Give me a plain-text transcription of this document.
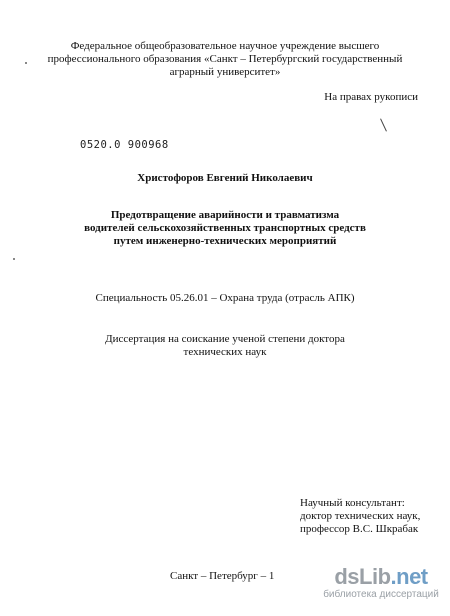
Федеральное общеобразовательное научное учреждение высшего
профессионального образования «Санкт – Петербургский государственный
аграрный университет»
На правах рукописи
0520.0 900968
Христофоров Евгений Николаевич
Предотвращение аварийности и травматизма
водителей сельскохозяйственных транспортных средств
путем инженерно-технических мероприятий
Специальность 05.26.01 – Охрана труда (отрасль АПК)
Диссертация на соискание ученой степени доктора
технических наук
Научный консультант:
доктор технических наук,
профессор В.С. Шкрабак
Санкт – Петербург – 1	dsLib.net
библиотека диссертаций
